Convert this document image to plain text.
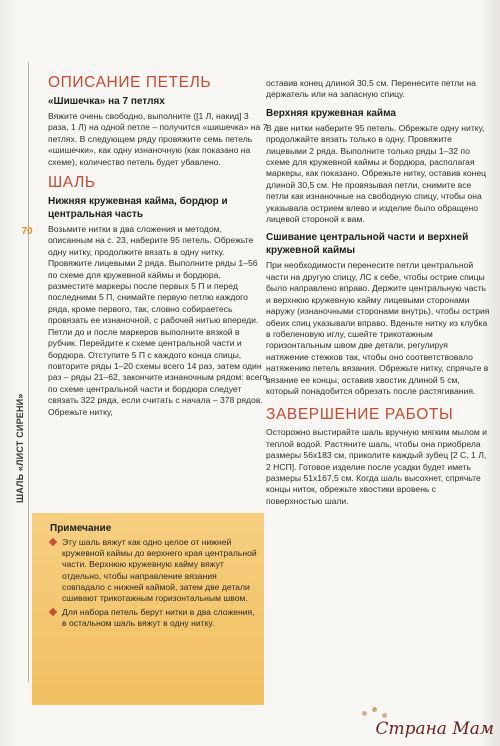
70
ШАЛЬ «ЛИСТ СИРЕНИ»
ОПИСАНИЕ ПЕТЕЛЬ
«Шишечка» на 7 петлях

Вяжите очень свободно, выполните ([1 Л, накид] 3 раза, 1 Л) на одной петле – получится «шишечка» на 7 петлях. В следующем ряду провяжите семь петель «шишечки», как одну изнаночную (как показано на схеме), количество петель будет убавлено.

ШАЛЬ
Нижняя кружевная кайма, бордюр и центральная часть

Возьмите нитки в два сложения и методом, описанным на с. 23, наберите 95 петель. Обрежьте одну нитку, продолжите вязать в одну нитку. Провяжите лицевыми 2 ряда. Выполните ряды 1–56 по схеме для кружевной каймы и бордюра, разместите маркеры после первых 5 П и перед последними 5 П, снимайте первую петлю каждого ряда, кроме первого, так, словно собираетесь провязать ее изнаночной, с рабочей нитью впереди. Петли до и после маркеров выполните вязкой в рубчик. Перейдите к схеме центральной части и бордюра. Отступите 5 П с каждого конца спицы, повторите ряды 1–20 схемы всего 14 раз, затем один раз – ряды 21–62, закончите изнаночным рядом: всего по схеме центральной части и бордюра следует связать 322 ряда, если считать с начала – 378 рядов. Обрежьте нитку,

Примечание
Эту шаль вяжут как одно целое от нижней кружевной каймы до верхнего края центральной части. Верхнюю кружевную кайму вяжут отдельно, чтобы направление вязания совпадало с нижней каймой, затем две детали сшивают трикотажным горизонтальным швом.
Для набора петель берут нитки в два сложения, в остальном шаль вяжут в одну нитку.

оставив конец длиной 30,5 см. Перенесите петли на держатель или на запасную спицу.

Верхняя кружевная кайма

В две нитки наберите 95 петель. Обрежьте одну нитку, продолжайте вязать только в одну. Провяжите лицевыми 2 ряда. Выполните только ряды 1–32 по схеме для кружевной каймы и бордюра, располагая маркеры, как показано. Обрежьте нитку, оставив конец длиной 30,5 см. Не провязывая петли, снимите все петли как изнаночные на свободную спицу, чтобы она указывала острием влево и изделие было обращено лицевой стороной к вам.

Сшивание центральной части и верхней кружевной каймы

При необходимости перенесите петли центральной части на другую спицу, ЛС к себе, чтобы острие спицы было направлено вправо. Держите центральную часть и верхнюю кружевную кайму лицевыми сторонами наружу (изнаночными сторонами внутрь), чтобы острия обеих спиц указывали вправо. Вденьте нитку из клубка в гобеленовую иглу, сшейте трикотажным горизонтальным швом две детали, регулируя натяжение стежков так, чтобы оно соответствовало натяжению петель вязания. Обрежьте нитку, спрячьте в вязание ее концы, оставив хвостик длиной 5 см, который понадобится обрезать после растягивания.

ЗАВЕРШЕНИЕ РАБОТЫ

Осторожно выстирайте шаль вручную мягким мылом и теплой водой. Растяните шаль, чтобы она приобрела размеры 56х183 см, приколите каждый зубец [2 С, 1 Л, 2 НСП]. Готовое изделие после усадки будет иметь размеры 51х167,5 см. Когда шаль высохнет, спрячьте концы ниток, обрежьте хвостики вровень с поверхностью шали.

Страна Мам
